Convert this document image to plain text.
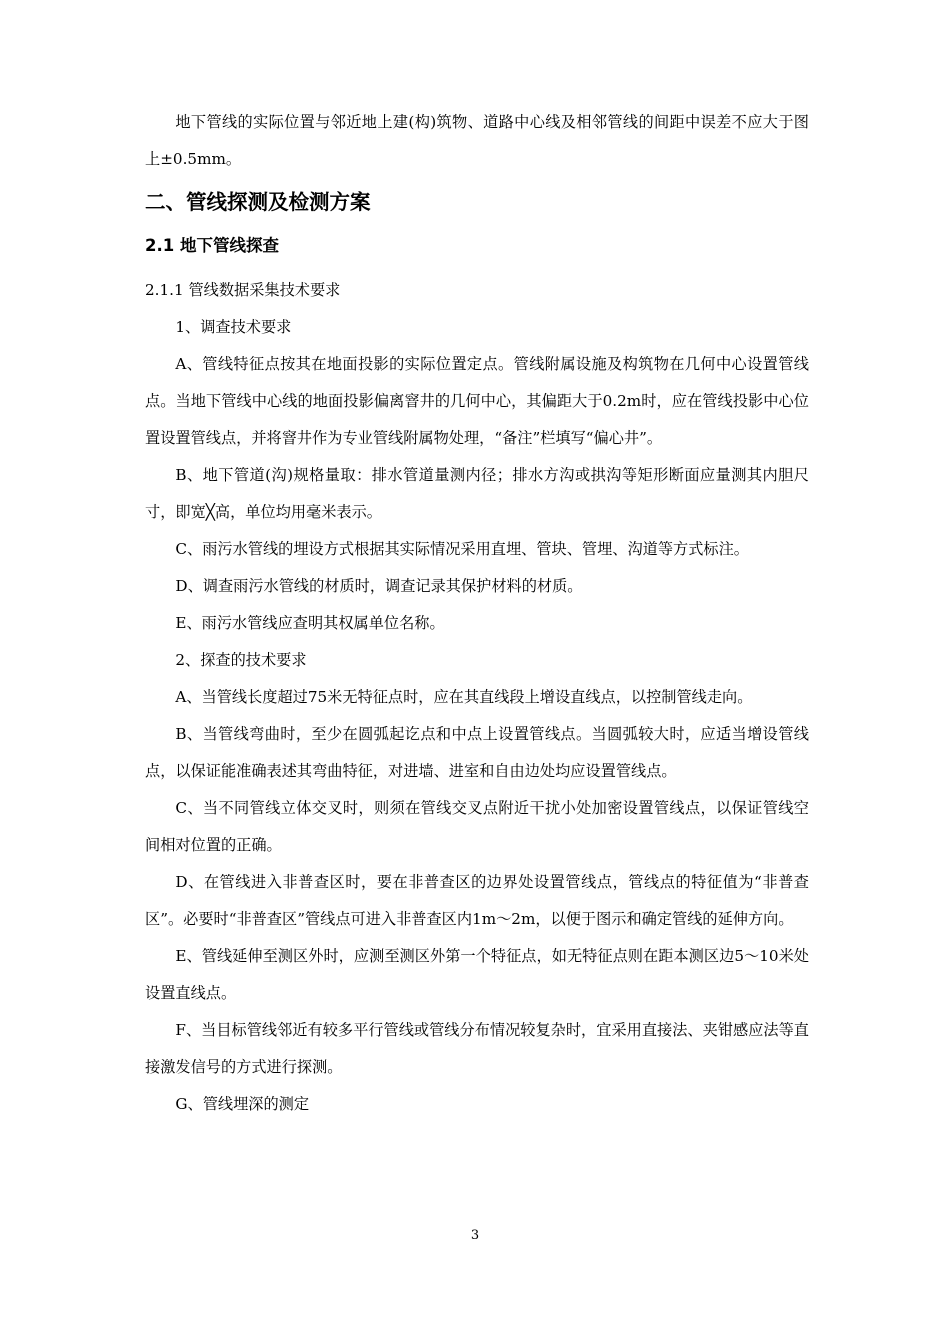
地下管线的实际位置与邻近地上建(构)筑物、道路中心线及相邻管线的间距中误差不应大于图上±0.5mm。

二、管线探测及检测方案
2.1 地下管线探查

2.1.1 管线数据采集技术要求

1、调查技术要求

A、管线特征点按其在地面投影的实际位置定点。管线附属设施及构筑物在几何中心设置管线点。当地下管线中心线的地面投影偏离窨井的几何中心，其偏距大于0.2m时，应在管线投影中心位置设置管线点，并将窨井作为专业管线附属物处理，“备注”栏填写“偏心井”。

B、地下管道(沟)规格量取：排水管道量测内径；排水方沟或拱沟等矩形断面应量测其内胆尺寸，即宽╳高，单位均用毫米表示。

C、雨污水管线的埋设方式根据其实际情况采用直埋、管块、管埋、沟道等方式标注。

D、调查雨污水管线的材质时，调查记录其保护材料的材质。

E、雨污水管线应查明其权属单位名称。

2、探查的技术要求

A、当管线长度超过75米无特征点时，应在其直线段上增设直线点，以控制管线走向。

B、当管线弯曲时，至少在圆弧起讫点和中点上设置管线点。当圆弧较大时，应适当增设管线点，以保证能准确表述其弯曲特征，对进墙、进室和自由边处均应设置管线点。

C、当不同管线立体交叉时，则须在管线交叉点附近干扰小处加密设置管线点，以保证管线空间相对位置的正确。

D、在管线进入非普查区时，要在非普查区的边界处设置管线点，管线点的特征值为“非普查区”。必要时“非普查区”管线点可进入非普查区内1m～2m，以便于图示和确定管线的延伸方向。

E、管线延伸至测区外时，应测至测区外第一个特征点，如无特征点则在距本测区边5～10米处设置直线点。

F、当目标管线邻近有较多平行管线或管线分布情况较复杂时，宜采用直接法、夹钳感应法等直接激发信号的方式进行探测。

G、管线埋深的测定

3
